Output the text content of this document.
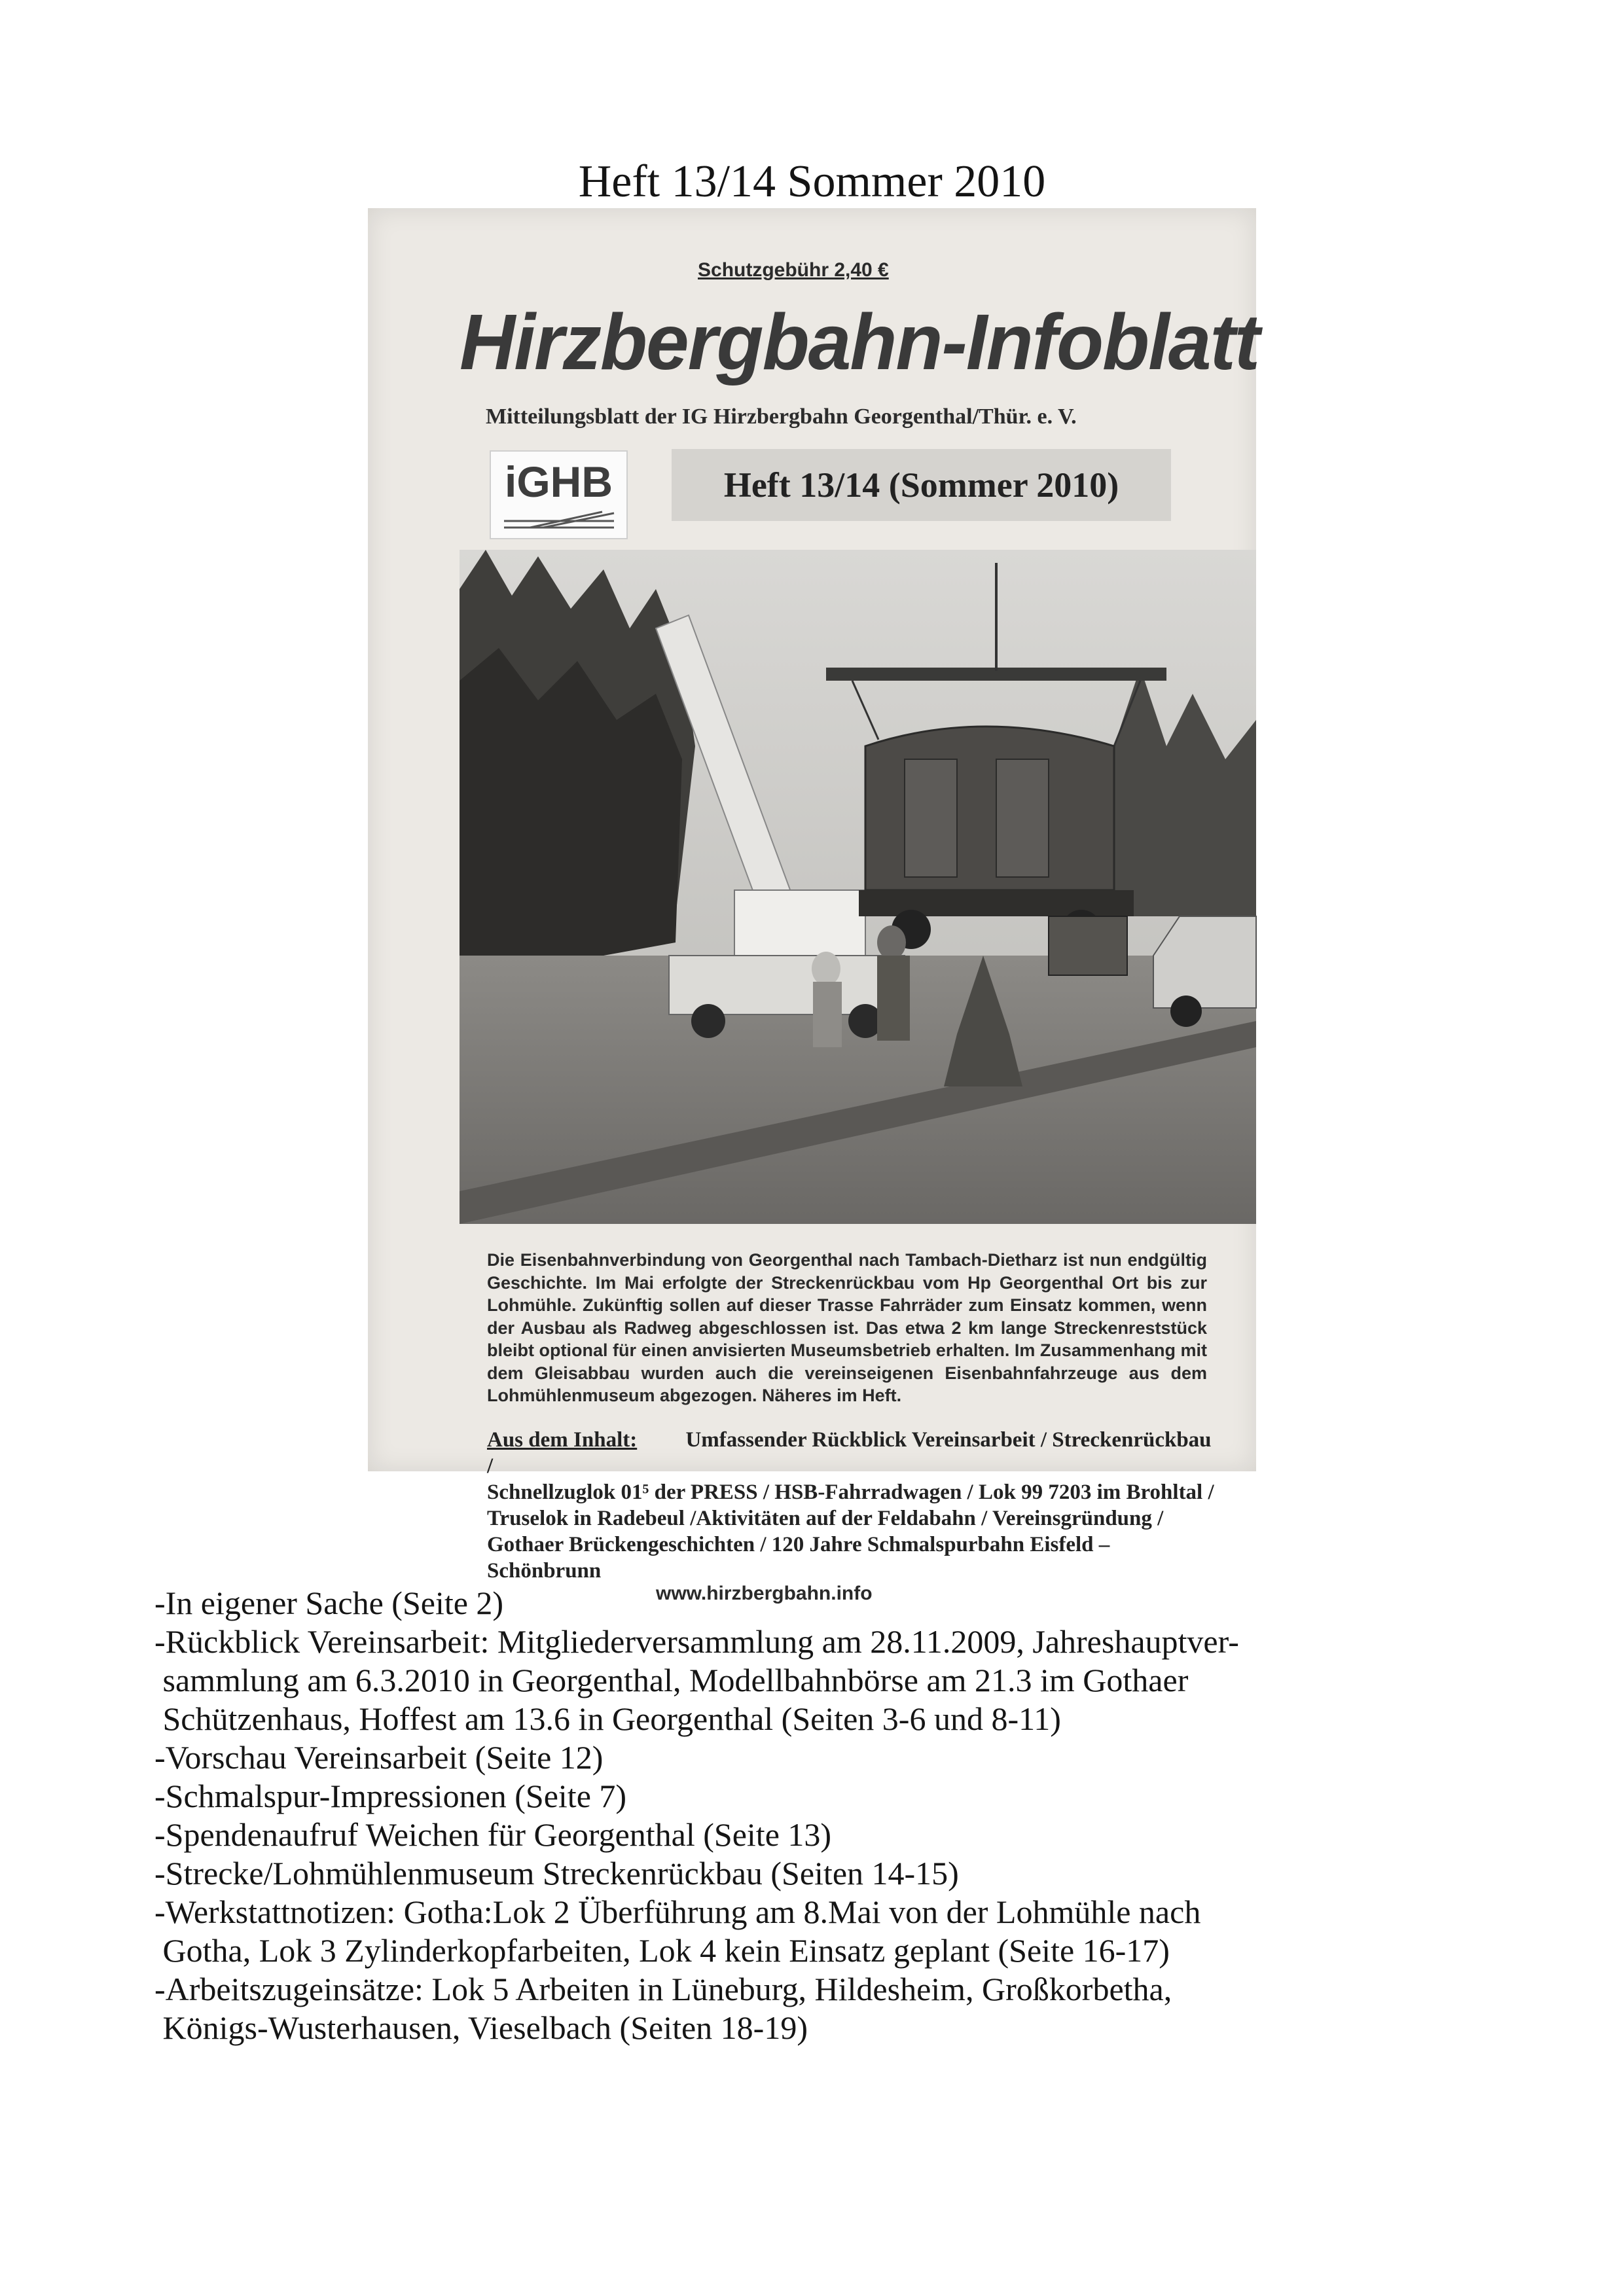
Heft 13/14 Sommer 2010
Schutzgebühr 2,40 €
Hirzbergbahn-Infoblatt
Mitteilungsblatt der IG Hirzbergbahn Georgenthal/Thür. e. V.
iGHB	Heft 13/14 (Sommer 2010)
Die Eisenbahnverbindung von Georgenthal nach Tambach-Dietharz ist nun endgültig Geschichte. Im Mai erfolgte der Streckenrückbau vom Hp Georgenthal Ort bis zur Lohmühle. Zukünftig sollen auf dieser Trasse Fahrräder zum Einsatz kommen, wenn der Ausbau als Radweg abgeschlossen ist. Das etwa 2 km lange Streckenreststück bleibt optional für einen anvisierten Museumsbetrieb erhalten. Im Zusammenhang mit dem Gleisabbau wurden auch die vereinseigenen Eisenbahnfahrzeuge aus dem Lohmühlenmuseum abgezogen. Näheres im Heft.
Aus dem Inhalt: Umfassender Rückblick Vereinsarbeit / Streckenrückbau /
Schnellzuglok 01⁵ der PRESS / HSB-Fahrradwagen / Lok 99 7203 im Brohltal /
Truselok in Radebeul /Aktivitäten auf der Feldabahn / Vereinsgründung /
Gothaer Brückengeschichten / 120 Jahre Schmalspurbahn Eisfeld – Schönbrunn
www.hirzbergbahn.info
-In eigener Sache (Seite 2)
-Rückblick Vereinsarbeit: Mitgliederversammlung am 28.11.2009, Jahreshauptver-
sammlung am 6.3.2010 in Georgenthal, Modellbahnbörse am 21.3 im Gothaer
Schützenhaus, Hoffest am 13.6 in Georgenthal (Seiten 3-6 und 8-11)
-Vorschau Vereinsarbeit (Seite 12)
-Schmalspur-Impressionen (Seite 7)
-Spendenaufruf Weichen für Georgenthal (Seite 13)
-Strecke/Lohmühlenmuseum Streckenrückbau (Seiten 14-15)
-Werkstattnotizen: Gotha:Lok 2 Überführung am 8.Mai von der Lohmühle nach
Gotha, Lok 3 Zylinderkopfarbeiten, Lok 4 kein Einsatz geplant (Seite 16-17)
-Arbeitszugeinsätze: Lok 5 Arbeiten in Lüneburg, Hildesheim, Großkorbetha,
Königs-Wusterhausen, Vieselbach (Seiten 18-19)
